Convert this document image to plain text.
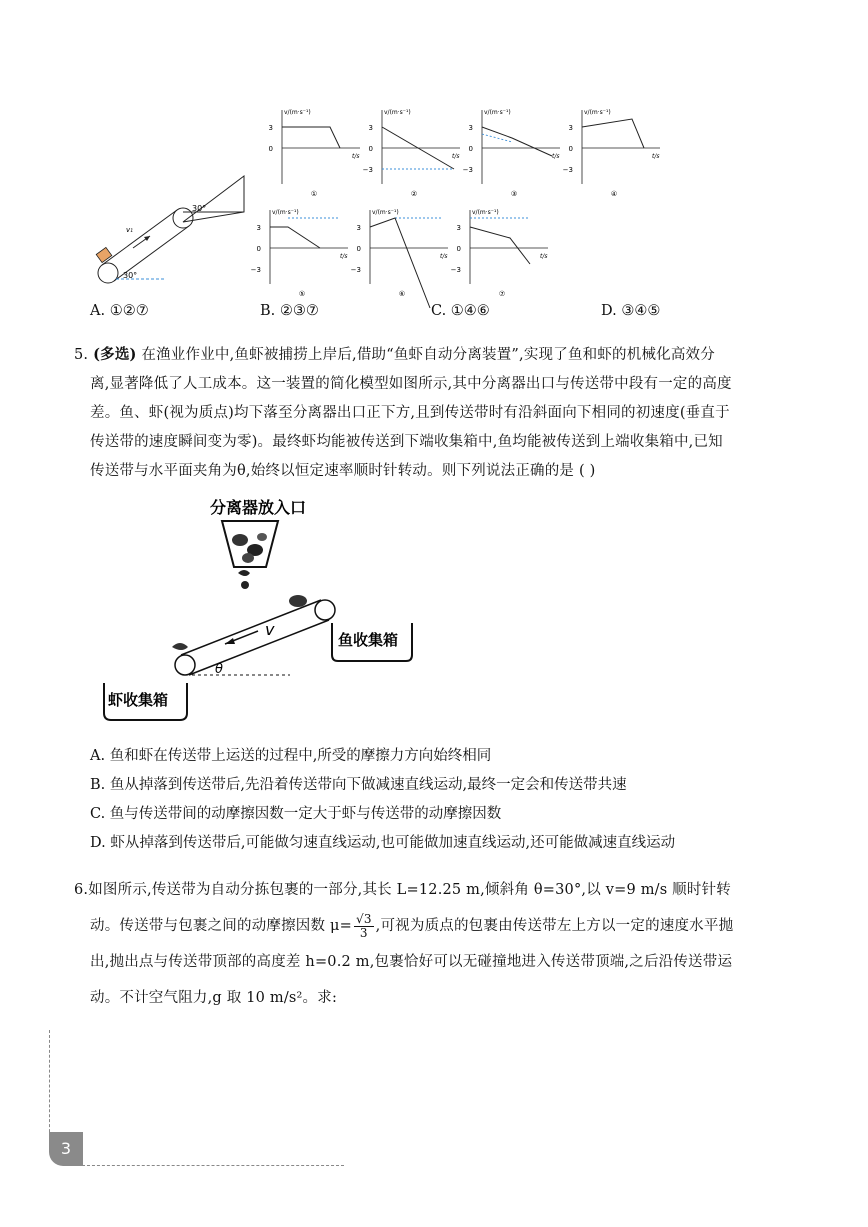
30°
30°
v₁
v/(m·s⁻¹)
t/s
3
0
①
v/(m·s⁻¹)
t/s
3
0
−3
②
v/(m·s⁻¹)
t/s
3
0
−3
③
v/(m·s⁻¹)
t/s
3
0
−3
④
v/(m·s⁻¹)
t/s
3
0
−3
⑤
v/(m·s⁻¹)
t/s
3
0
−3
⑥
v/(m·s⁻¹)
t/s
3
0
−3
⑦
A. ①②⑦	B. ②③⑦	C. ①④⑥	D. ③④⑤
5. (多选) 在渔业作业中,鱼虾被捕捞上岸后,借助“鱼虾自动分离装置”,实现了鱼和虾的机械化高效分
离,显著降低了人工成本。这一装置的简化模型如图所示,其中分离器出口与传送带中段有一定的高度
差。鱼、虾(视为质点)均下落至分离器出口正下方,且到传送带时有沿斜面向下相同的初速度(垂直于
传送带的速度瞬间变为零)。最终虾均能被传送到下端收集箱中,鱼均能被传送到上端收集箱中,已知
传送带与水平面夹角为θ,始终以恒定速率顺时针转动。则下列说法正确的是 ( )
分离器放入口
v
θ
鱼收集箱
虾收集箱
A. 鱼和虾在传送带上运送的过程中,所受的摩擦力方向始终相同
B. 鱼从掉落到传送带后,先沿着传送带向下做减速直线运动,最终一定会和传送带共速
C. 鱼与传送带间的动摩擦因数一定大于虾与传送带的动摩擦因数
D. 虾从掉落到传送带后,可能做匀速直线运动,也可能做加速直线运动,还可能做减速直线运动
6.如图所示,传送带为自动分拣包裹的一部分,其长 L=12.25 m,倾斜角 θ=30°,以 v=9 m/s 顺时针转
动。传送带与包裹之间的动摩擦因数 $\mu= \frac{√3}{3}$ ,可视为质点的包裹由传送带左上方以一定的速度水平抛
出,抛出点与传送带顶部的高度差 h=0.2 m,包裹恰好可以无碰撞地进入传送带顶端,之后沿传送带运
动。不计空气阻力,g 取 10 m/s²。求:
3
